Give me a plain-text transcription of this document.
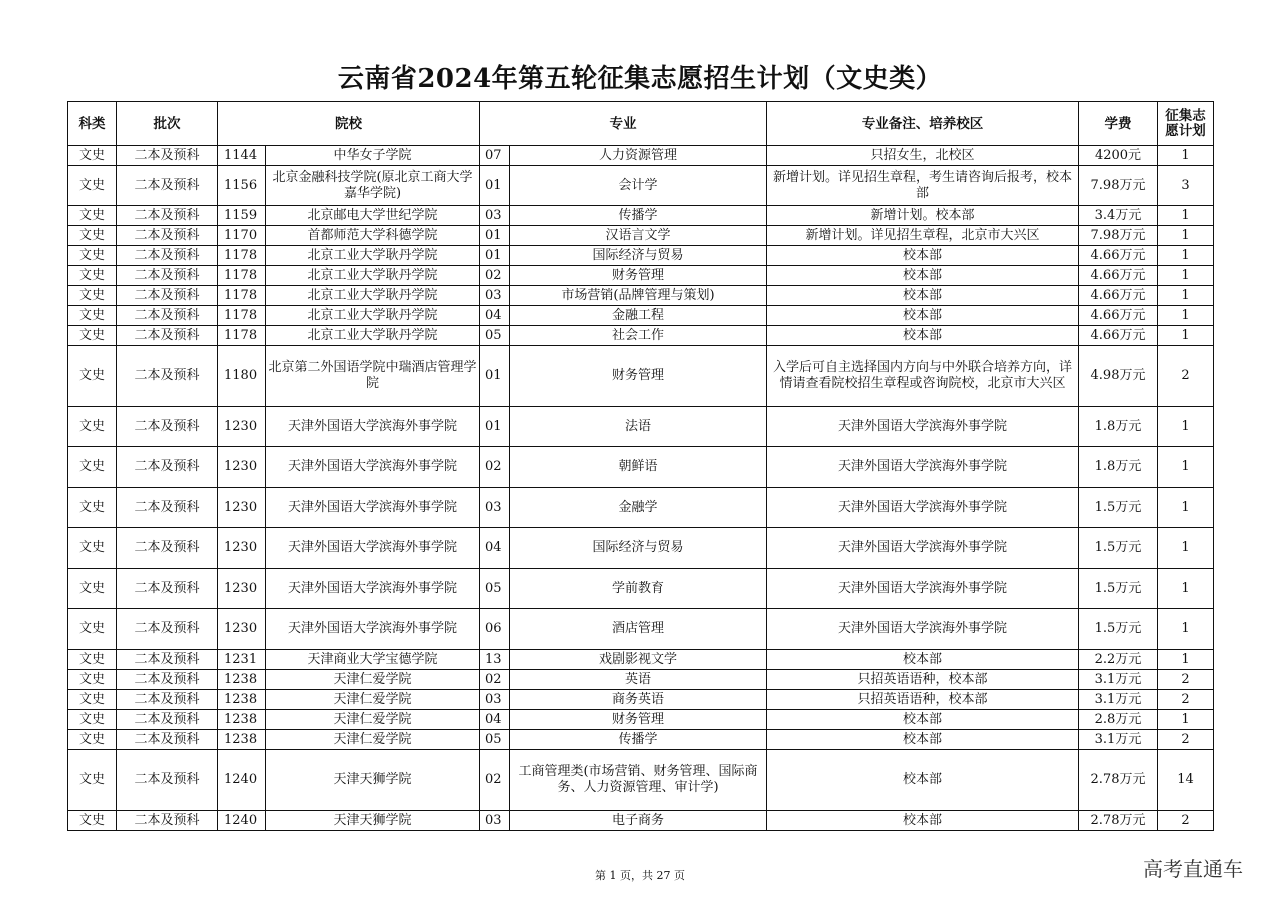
云南省2024年第五轮征集志愿招生计划（文史类）
科类	批次	院校		专业		专业备注、培养校区	学费	征集志愿计划
文史	二本及预科	1144	中华女子学院	07	人力资源管理	只招女生，北校区	4200元	1
文史	二本及预科	1156	北京金融科技学院(原北京工商大学嘉华学院)	01	会计学	新增计划。详见招生章程，考生请咨询后报考，校本部	7.98万元	3
文史	二本及预科	1159	北京邮电大学世纪学院	03	传播学	新增计划。校本部	3.4万元	1
文史	二本及预科	1170	首都师范大学科德学院	01	汉语言文学	新增计划。详见招生章程，北京市大兴区	7.98万元	1
文史	二本及预科	1178	北京工业大学耿丹学院	01	国际经济与贸易	校本部	4.66万元	1
文史	二本及预科	1178	北京工业大学耿丹学院	02	财务管理	校本部	4.66万元	1
文史	二本及预科	1178	北京工业大学耿丹学院	03	市场营销(品牌管理与策划)	校本部	4.66万元	1
文史	二本及预科	1178	北京工业大学耿丹学院	04	金融工程	校本部	4.66万元	1
文史	二本及预科	1178	北京工业大学耿丹学院	05	社会工作	校本部	4.66万元	1
文史	二本及预科	1180	北京第二外国语学院中瑞酒店管理学院	01	财务管理	入学后可自主选择国内方向与中外联合培养方向，详情请查看院校招生章程或咨询院校，北京市大兴区	4.98万元	2
文史	二本及预科	1230	天津外国语大学滨海外事学院	01	法语	天津外国语大学滨海外事学院	1.8万元	1
文史	二本及预科	1230	天津外国语大学滨海外事学院	02	朝鲜语	天津外国语大学滨海外事学院	1.8万元	1
文史	二本及预科	1230	天津外国语大学滨海外事学院	03	金融学	天津外国语大学滨海外事学院	1.5万元	1
文史	二本及预科	1230	天津外国语大学滨海外事学院	04	国际经济与贸易	天津外国语大学滨海外事学院	1.5万元	1
文史	二本及预科	1230	天津外国语大学滨海外事学院	05	学前教育	天津外国语大学滨海外事学院	1.5万元	1
文史	二本及预科	1230	天津外国语大学滨海外事学院	06	酒店管理	天津外国语大学滨海外事学院	1.5万元	1
文史	二本及预科	1231	天津商业大学宝德学院	13	戏剧影视文学	校本部	2.2万元	1
文史	二本及预科	1238	天津仁爱学院	02	英语	只招英语语种，校本部	3.1万元	2
文史	二本及预科	1238	天津仁爱学院	03	商务英语	只招英语语种，校本部	3.1万元	2
文史	二本及预科	1238	天津仁爱学院	04	财务管理	校本部	2.8万元	1
文史	二本及预科	1238	天津仁爱学院	05	传播学	校本部	3.1万元	2
文史	二本及预科	1240	天津天狮学院	02	工商管理类(市场营销、财务管理、国际商务、人力资源管理、审计学)	校本部	2.78万元	14
文史	二本及预科	1240	天津天狮学院	03	电子商务	校本部	2.78万元	2
第 1 页，共 27 页	高考直通车
